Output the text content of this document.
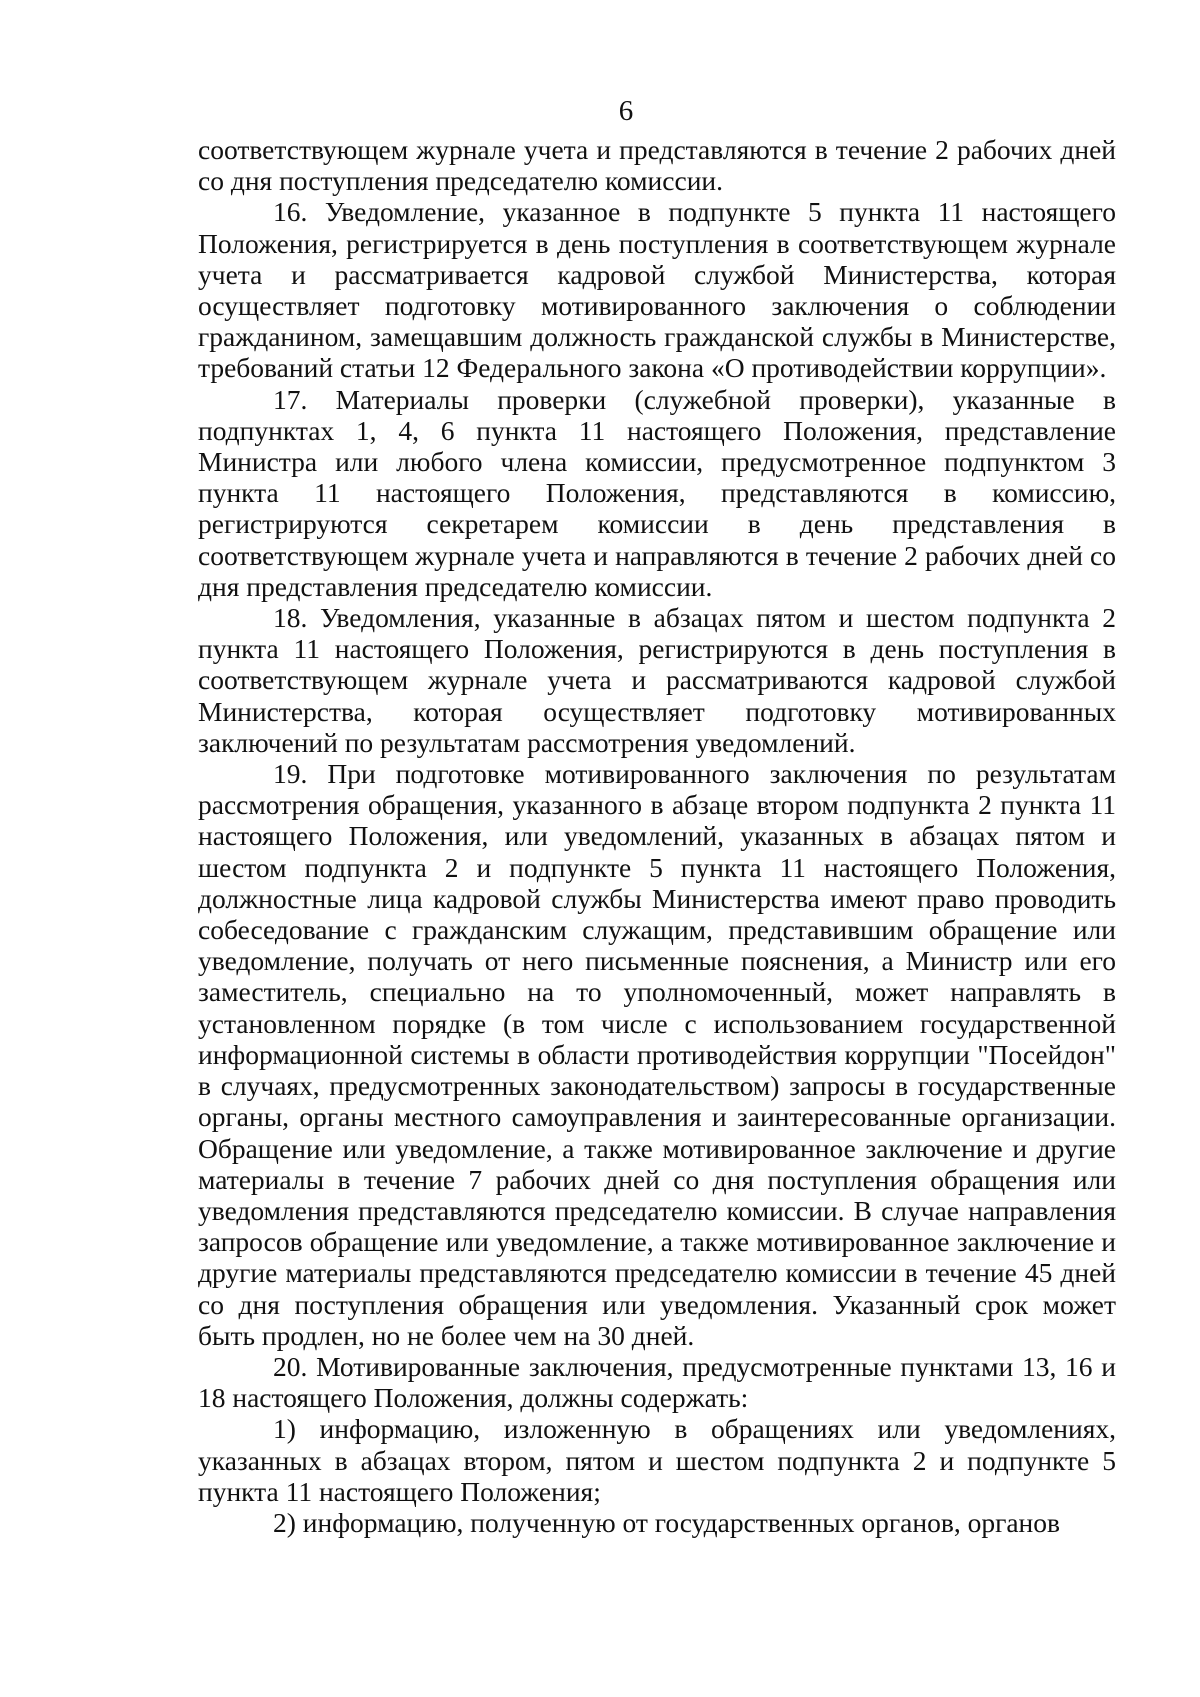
6

соответствующем журнале учета и представляются в течение 2 рабочих дней со дня поступления председателю комиссии.

16. Уведомление, указанное в подпункте 5 пункта 11 настоящего Положения, регистрируется в день поступления в соответствующем журнале учета и рассматривается кадровой службой Министерства, которая осуществляет подготовку мотивированного заключения о соблюдении гражданином, замещавшим должность гражданской службы в Министерстве, требований статьи 12 Федерального закона «О противодействии коррупции».

17. Материалы проверки (служебной проверки), указанные в подпунктах 1, 4, 6 пункта 11 настоящего Положения, представление Министра или любого члена комиссии, предусмотренное подпунктом 3 пункта 11 настоящего Положения, представляются в комиссию, регистрируются секретарем комиссии в день представления в соответствующем журнале учета и направляются в течение 2 рабочих дней со дня представления председателю комиссии.

18. Уведомления, указанные в абзацах пятом и шестом подпункта 2 пункта 11 настоящего Положения, регистрируются в день поступления в соответствующем журнале учета и рассматриваются кадровой службой Министерства, которая осуществляет подготовку мотивированных заключений по результатам рассмотрения уведомлений.

19. При подготовке мотивированного заключения по результатам рассмотрения обращения, указанного в абзаце втором подпункта 2 пункта 11 настоящего Положения, или уведомлений, указанных в абзацах пятом и шестом подпункта 2 и подпункте 5 пункта 11 настоящего Положения, должностные лица кадровой службы Министерства имеют право проводить собеседование с гражданским служащим, представившим обращение или уведомление, получать от него письменные пояснения, а Министр или его заместитель, специально на то уполномоченный, может направлять в установленном порядке (в том числе с использованием государственной информационной системы в области противодействия коррупции "Посейдон" в случаях, предусмотренных законодательством) запросы в государственные органы, органы местного самоуправления и заинтересованные организации. Обращение или уведомление, а также мотивированное заключение и другие материалы в течение 7 рабочих дней со дня поступления обращения или уведомления представляются председателю комиссии. В случае направления запросов обращение или уведомление, а также мотивированное заключение и другие материалы представляются председателю комиссии в течение 45 дней со дня поступления обращения или уведомления. Указанный срок может быть продлен, но не более чем на 30 дней.

20. Мотивированные заключения, предусмотренные пунктами 13, 16 и 18 настоящего Положения, должны содержать:

1) информацию, изложенную в обращениях или уведомлениях, указанных в абзацах втором, пятом и шестом подпункта 2 и подпункте 5 пункта 11 настоящего Положения;

2) информацию, полученную от государственных органов, органов
